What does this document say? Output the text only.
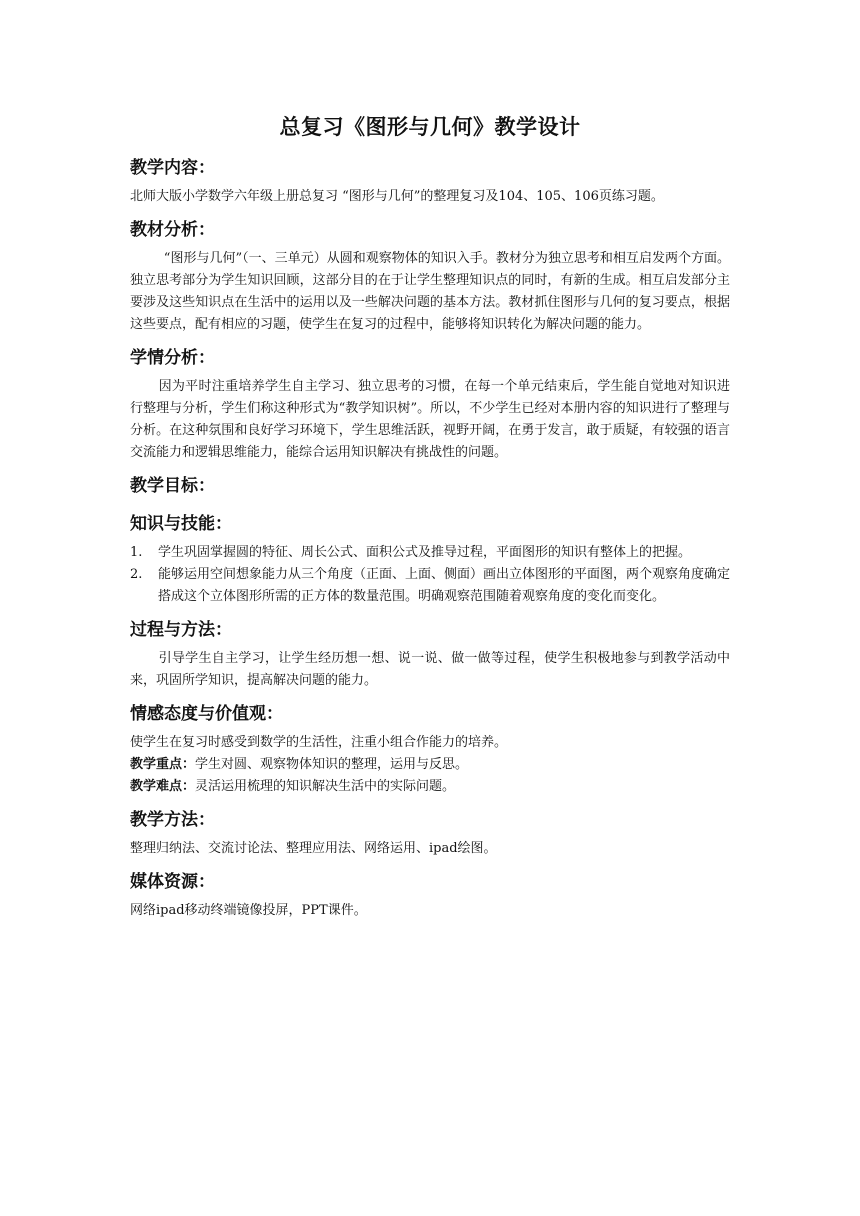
总复习《图形与几何》教学设计
教学内容：

北师大版小学数学六年级上册总复习 “图形与几何”的整理复习及104、105、106页练习题。

教材分析：

“图形与几何”（一、三单元）从圆和观察物体的知识入手。教材分为独立思考和相互启发两个方面。独立思考部分为学生知识回顾，这部分目的在于让学生整理知识点的同时，有新的生成。相互启发部分主要涉及这些知识点在生活中的运用以及一些解决问题的基本方法。教材抓住图形与几何的复习要点，根据这些要点，配有相应的习题，使学生在复习的过程中，能够将知识转化为解决问题的能力。

学情分析：

因为平时注重培养学生自主学习、独立思考的习惯，在每一个单元结束后，学生能自觉地对知识进行整理与分析，学生们称这种形式为“教学知识树”。所以，不少学生已经对本册内容的知识进行了整理与分析。在这种氛围和良好学习环境下，学生思维活跃，视野开阔，在勇于发言，敢于质疑，有较强的语言交流能力和逻辑思维能力，能综合运用知识解决有挑战性的问题。

教学目标：
知识与技能：
1.	学生巩固掌握圆的特征、周长公式、面积公式及推导过程，平面图形的知识有整体上的把握。
2.	能够运用空间想象能力从三个角度（正面、上面、侧面）画出立体图形的平面图，两个观察角度确定搭成这个立体图形所需的正方体的数量范围。明确观察范围随着观察角度的变化而变化。
过程与方法：

引导学生自主学习，让学生经历想一想、说一说、做一做等过程，使学生积极地参与到教学活动中来，巩固所学知识，提高解决问题的能力。

情感态度与价值观：

使学生在复习时感受到数学的生活性，注重小组合作能力的培养。

教学重点：学生对圆、观察物体知识的整理，运用与反思。

教学难点：灵活运用梳理的知识解决生活中的实际问题。

教学方法：

整理归纳法、交流讨论法、整理应用法、网络运用、ipad绘图。

媒体资源：

网络ipad移动终端镜像投屏，PPT课件。
